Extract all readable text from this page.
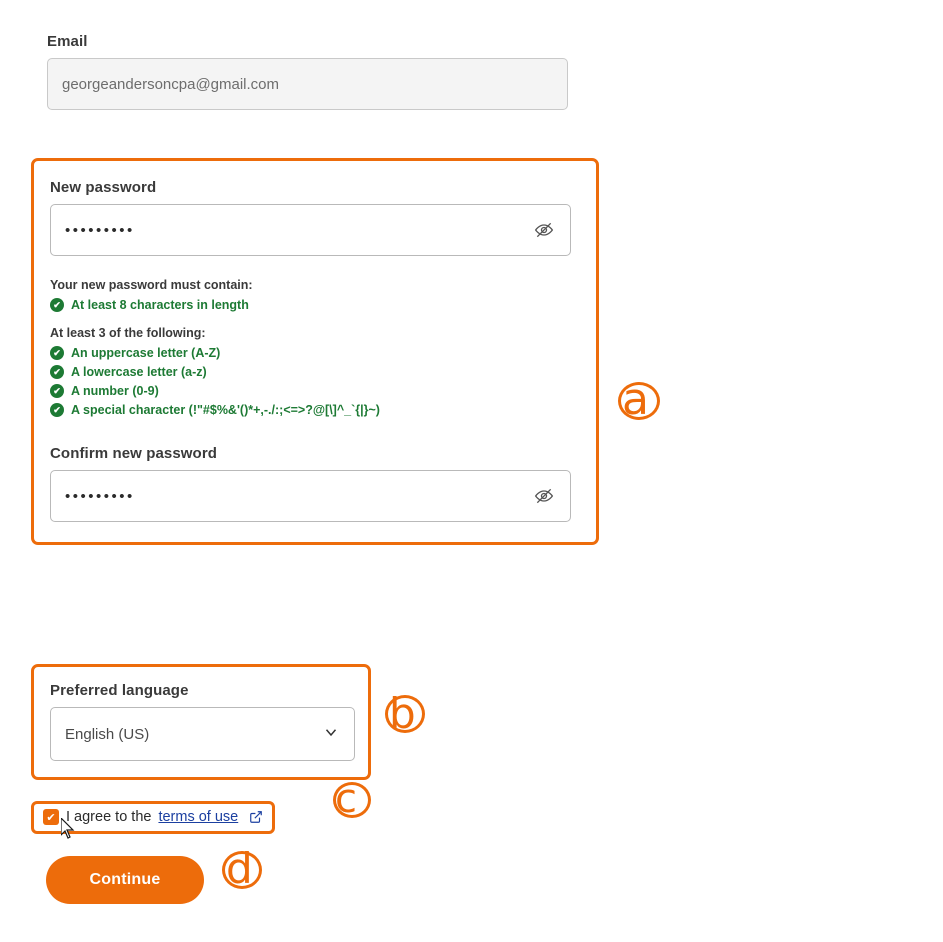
Email
georgeandersoncpa@gmail.com
New password
•••••••••
Your new password must contain:
✔ At least 8 characters in length
At least 3 of the following:
✔ An uppercase letter (A-Z)
✔ A lowercase letter (a-z)
✔ A number (0-9)
✔ A special character (!"#$%&'()*+,-./:;<=>?@[\]^_`{|}~)
Confirm new password
•••••••••
Preferred language
English (US)
✔ I agree to the terms of use
Continue
a
b
c
d
